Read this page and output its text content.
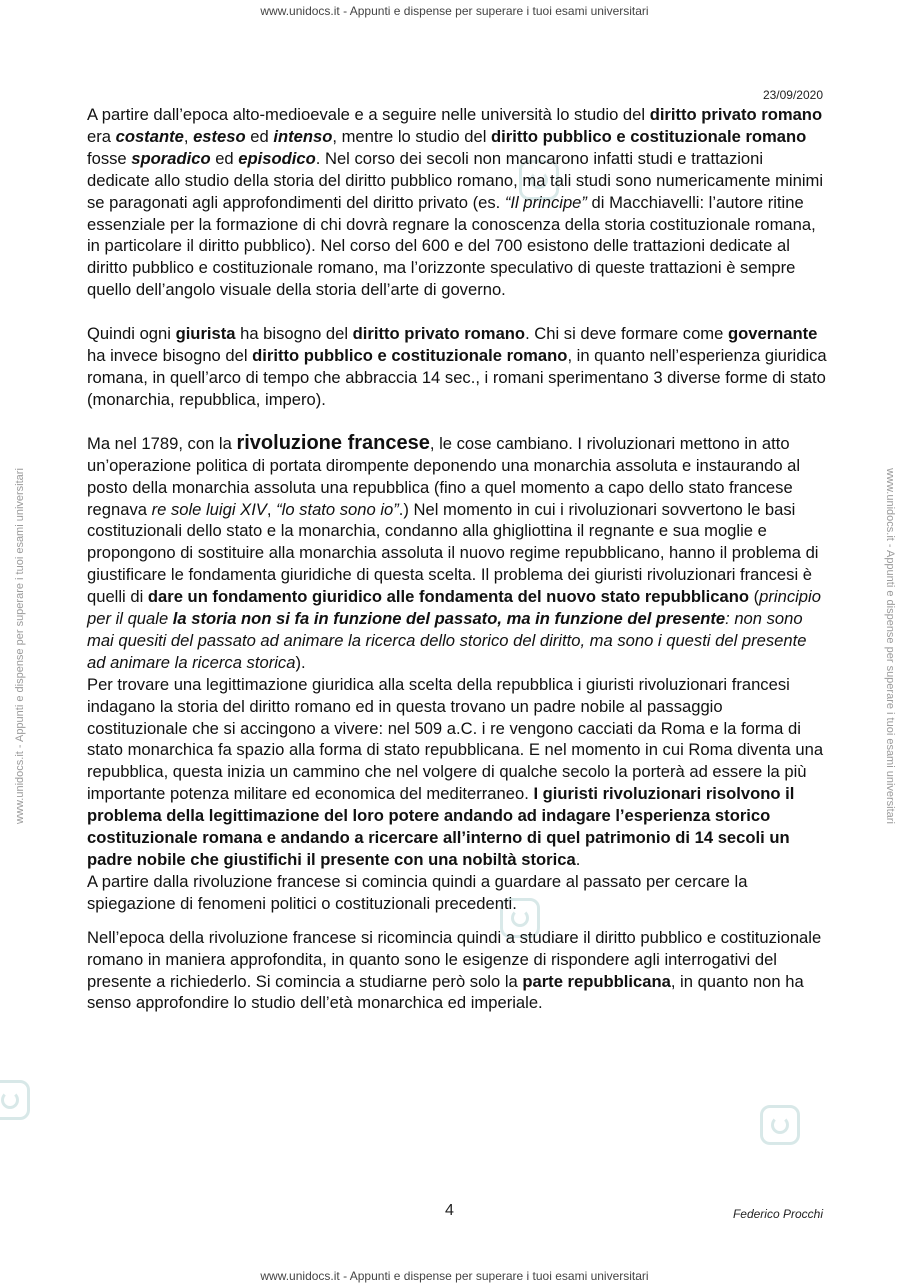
www.unidocs.it - Appunti e dispense per superare i tuoi esami universitari
www.unidocs.it - Appunti e dispense per superare i tuoi esami universitari	www.unidocs.it - Appunti e dispense per superare i tuoi esami universitari
23/09/2020

A partire dall’epoca alto-medioevale e a seguire nelle università lo studio del diritto privato romano era costante, esteso ed intenso, mentre lo studio del diritto pubblico e costituzionale romano fosse sporadico ed episodico. Nel corso dei secoli non mancarono infatti studi e trattazioni dedicate allo studio della storia del diritto pubblico romano, ma tali studi sono numericamente minimi se paragonati agli approfondimenti del diritto privato (es. “Il principe” di Macchiavelli: l’autore ritine essenziale per la formazione di chi dovrà regnare la conoscenza della storia costituzionale romana, in particolare il diritto pubblico). Nel corso del 600 e del 700 esistono delle trattazioni dedicate al diritto pubblico e costituzionale romano, ma l’orizzonte speculativo di queste trattazioni è sempre quello dell’angolo visuale della storia dell’arte di governo.

Quindi ogni giurista ha bisogno del diritto privato romano. Chi si deve formare come governante ha invece bisogno del diritto pubblico e costituzionale romano, in quanto nell’esperienza giuridica romana, in quell’arco di tempo che abbraccia 14 sec., i romani sperimentano 3 diverse forme di stato (monarchia, repubblica, impero).

Ma nel 1789, con la rivoluzione francese, le cose cambiano. I rivoluzionari mettono in atto un’operazione politica di portata dirompente deponendo una monarchia assoluta e instaurando al posto della monarchia assoluta una repubblica (fino a quel momento a capo dello stato francese regnava re sole luigi XIV, “lo stato sono io”.) Nel momento in cui i rivoluzionari sovvertono le basi costituzionali dello stato e la monarchia, condanno alla ghigliottina il regnante e sua moglie e propongono di sostituire alla monarchia assoluta il nuovo regime repubblicano, hanno il problema di giustificare le fondamenta giuridiche di questa scelta. Il problema dei giuristi rivoluzionari francesi è quelli di dare un fondamento giuridico alle fondamenta del nuovo stato repubblicano (principio per il quale la storia non si fa in funzione del passato, ma in funzione del presente: non sono mai quesiti del passato ad animare la ricerca dello storico del diritto, ma sono i questi del presente ad animare la ricerca storica).

Per trovare una legittimazione giuridica alla scelta della repubblica i giuristi rivoluzionari francesi indagano la storia del diritto romano ed in questa trovano un padre nobile al passaggio costituzionale che si accingono a vivere: nel 509 a.C. i re vengono cacciati da Roma e la forma di stato monarchica fa spazio alla forma di stato repubblicana. E nel momento in cui Roma diventa una repubblica, questa inizia un cammino che nel volgere di qualche secolo la porterà ad essere la più importante potenza militare ed economica del mediterraneo. I giuristi rivoluzionari risolvono il problema della legittimazione del loro potere andando ad indagare l’esperienza storico costituzionale romana e andando a ricercare all’interno di quel patrimonio di 14 secoli un padre nobile che giustifichi il presente con una nobiltà storica.

A partire dalla rivoluzione francese si comincia quindi a guardare al passato per cercare la spiegazione di fenomeni politici o costituzionali precedenti.

Nell’epoca della rivoluzione francese si ricomincia quindi a studiare il diritto pubblico e costituzionale romano in maniera approfondita, in quanto sono le esigenze di rispondere agli interrogativi del presente a richiederlo. Si comincia a studiarne però solo la parte repubblicana, in quanto non ha senso approfondire lo studio dell’età monarchica ed imperiale.

4	Federico Procchi
www.unidocs.it - Appunti e dispense per superare i tuoi esami universitari
